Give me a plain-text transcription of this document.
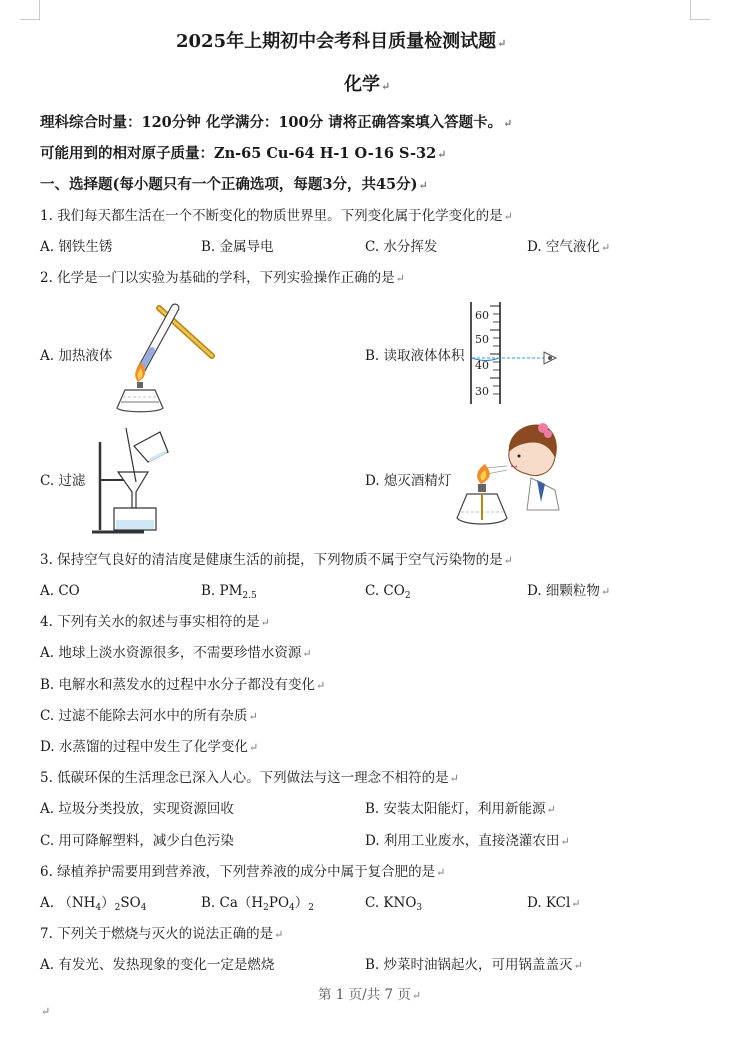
2025年上期初中会考科目质量检测试题↵
化学↵
理科综合时量：120分钟 化学满分：100分 请将正确答案填入答题卡。↵
可能用到的相对原子质量：Zn-65 Cu-64 H-1 O-16 S-32↵
一、选择题(每小题只有一个正确选项，每题3分，共45分)↵
1. 我们每天都生活在一个不断变化的物质世界里。下列变化属于化学变化的是↵
A. 钢铁生锈	B. 金属导电	C. 水分挥发	D. 空气液化↵
2. 化学是一门以实验为基础的学科，下列实验操作正确的是↵
A. 加热液体	B. 读取液体体积
60
50
40
30
C. 过滤	D. 熄灭酒精灯
3. 保持空气良好的清洁度是健康生活的前提，下列物质不属于空气污染物的是↵
A. CO	B. $PM_{2.5}$	C. $CO_2$	D. 细颗粒物↵
4. 下列有关水的叙述与事实相符的是↵
A. 地球上淡水资源很多，不需要珍惜水资源↵
B. 电解水和蒸发水的过程中水分子都没有变化↵
C. 过滤不能除去河水中的所有杂质↵
D. 水蒸馏的过程中发生了化学变化↵
5. 低碳环保的生活理念已深入人心。下列做法与这一理念不相符的是↵
A. 垃圾分类投放，实现资源回收	B. 安装太阳能灯，利用新能源↵
C. 用可降解塑料，减少白色污染	D. 利用工业废水，直接浇灌农田↵
6. 绿植养护需要用到营养液，下列营养液的成分中属于复合肥的是↵
A. $(NH_4)_2SO_4$	B. $Ca(H_2PO_4)_2$	C. $KNO_3$	D. KCl↵
7. 下列关于燃烧与灭火的说法正确的是↵
A. 有发光、发热现象的变化一定是燃烧	B. 炒菜时油锅起火，可用锅盖盖灭↵
第 1 页/共 7 页↵
↵
